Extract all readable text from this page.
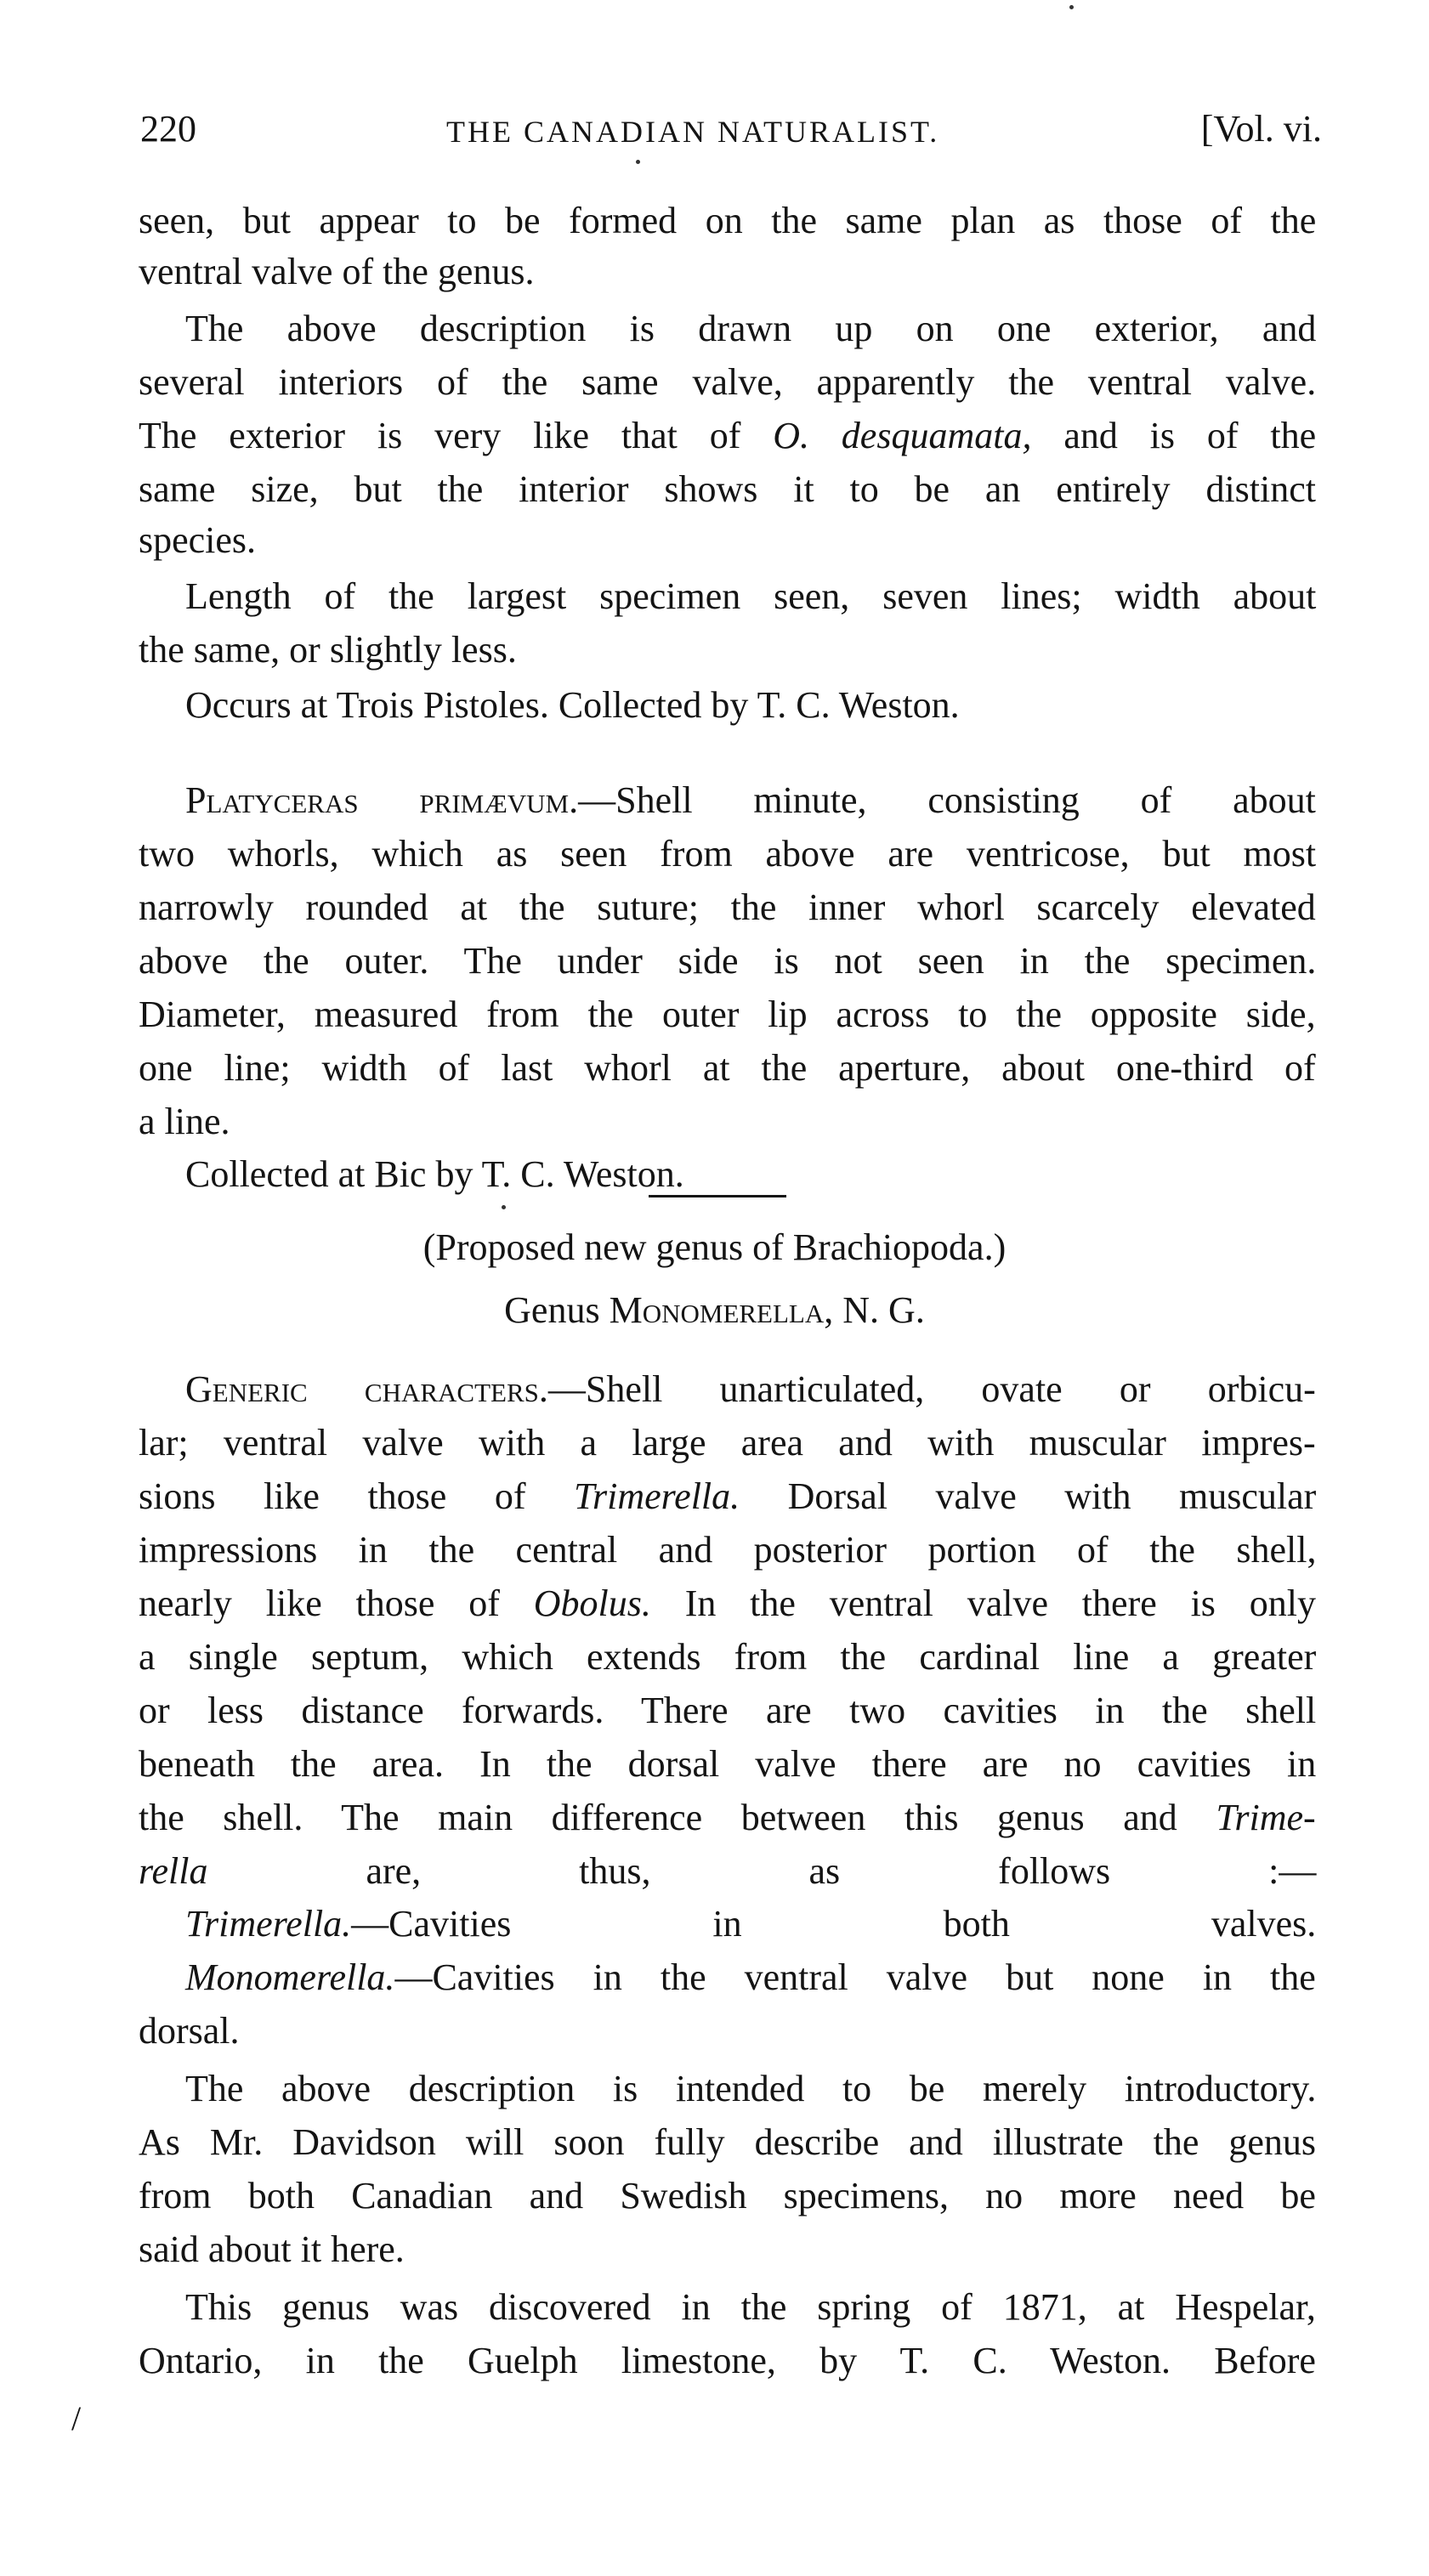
220	THE CANADIAN NATURALIST.	[Vol. vi.
seen, but appear to be formed on the same plan as those of the
ventral valve of the genus.
The above description is drawn up on one exterior, and
several interiors of the same valve, apparently the ventral valve.
The exterior is very like that of O. desquamata, and is of the
same size, but the interior shows it to be an entirely distinct
species.
Length of the largest specimen seen, seven lines; width about
the same, or slightly less.
Occurs at Trois Pistoles. Collected by T. C. Weston.
Platyceras primævum.—Shell minute, consisting of about
two whorls, which as seen from above are ventricose, but most
narrowly rounded at the suture; the inner whorl scarcely elevated
above the outer. The under side is not seen in the specimen.
Diameter, measured from the outer lip across to the opposite side,
one line; width of last whorl at the aperture, about one-third of
a line.
Collected at Bic by T. C. Weston.
(Proposed new genus of Brachiopoda.)
Genus Monomerella, N. G.
Generic characters.—Shell unarticulated, ovate or orbicu-
lar; ventral valve with a large area and with muscular impres-
sions like those of Trimerella. Dorsal valve with muscular
impressions in the central and posterior portion of the shell,
nearly like those of Obolus. In the ventral valve there is only
a single septum, which extends from the cardinal line a greater
or less distance forwards. There are two cavities in the shell
beneath the area. In the dorsal valve there are no cavities in
the shell. The main difference between this genus and Trime-
rella	are, thus, as follows :—
Trimerella.—Cavities in both valves.
Monomerella.—Cavities in the ventral valve but none in the
dorsal.
The above description is intended to be merely introductory.
As Mr. Davidson will soon fully describe and illustrate the genus
from both Canadian and Swedish specimens, no more need be
said about it here.
This genus was discovered in the spring of 1871, at Hespelar,
Ontario, in the Guelph limestone, by T. C. Weston. Before
/
